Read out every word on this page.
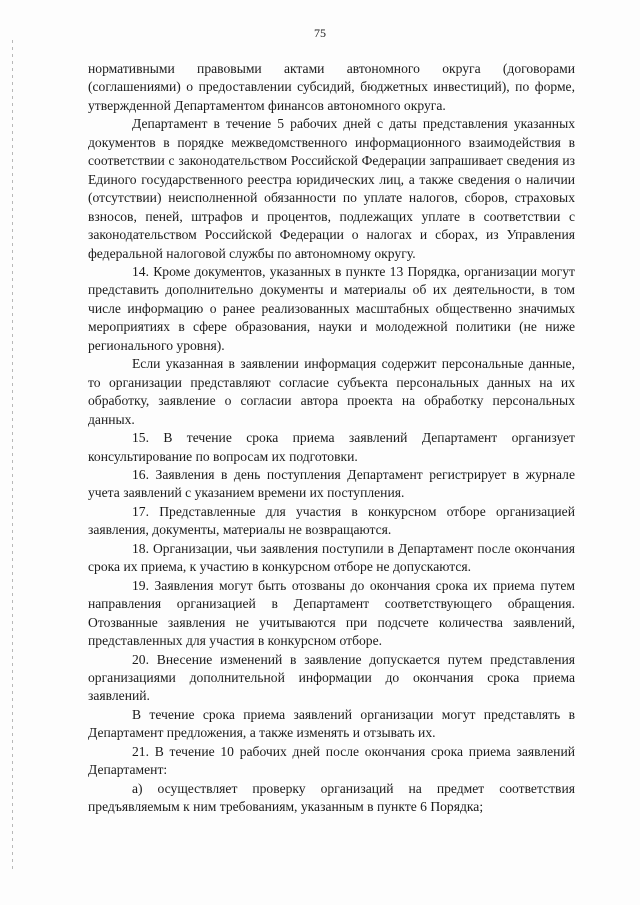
75

нормативными правовыми актами автономного округа (договорами (соглашениями) о предоставлении субсидий, бюджетных инвестиций), по форме, утвержденной Департаментом финансов автономного округа.

Департамент в течение 5 рабочих дней с даты представления указанных документов в порядке межведомственного информационного взаимодействия в соответствии с законодательством Российской Федерации запрашивает сведения из Единого государственного реестра юридических лиц, а также сведения о наличии (отсутствии) неисполненной обязанности по уплате налогов, сборов, страховых взносов, пеней, штрафов и процентов, подлежащих уплате в соответствии с законодательством Российской Федерации о налогах и сборах, из Управления федеральной налоговой службы по автономному округу.

14. Кроме документов, указанных в пункте 13 Порядка, организации могут представить дополнительно документы и материалы об их деятельности, в том числе информацию о ранее реализованных масштабных общественно значимых мероприятиях в сфере образования, науки и молодежной политики (не ниже регионального уровня).

Если указанная в заявлении информация содержит персональные данные, то организации представляют согласие субъекта персональных данных на их обработку, заявление о согласии автора проекта на обработку персональных данных.

15. В течение срока приема заявлений Департамент организует консультирование по вопросам их подготовки.

16. Заявления в день поступления Департамент регистрирует в журнале учета заявлений с указанием времени их поступления.

17. Представленные для участия в конкурсном отборе организацией заявления, документы, материалы не возвращаются.

18. Организации, чьи заявления поступили в Департамент после окончания срока их приема, к участию в конкурсном отборе не допускаются.

19. Заявления могут быть отозваны до окончания срока их приема путем направления организацией в Департамент соответствующего обращения. Отозванные заявления не учитываются при подсчете количества заявлений, представленных для участия в конкурсном отборе.

20. Внесение изменений в заявление допускается путем представления организациями дополнительной информации до окончания срока приема заявлений.

В течение срока приема заявлений организации могут представлять в Департамент предложения, а также изменять и отзывать их.

21. В течение 10 рабочих дней после окончания срока приема заявлений Департамент:

а) осуществляет проверку организаций на предмет соответствия предъявляемым к ним требованиям, указанным в пункте 6 Порядка;
